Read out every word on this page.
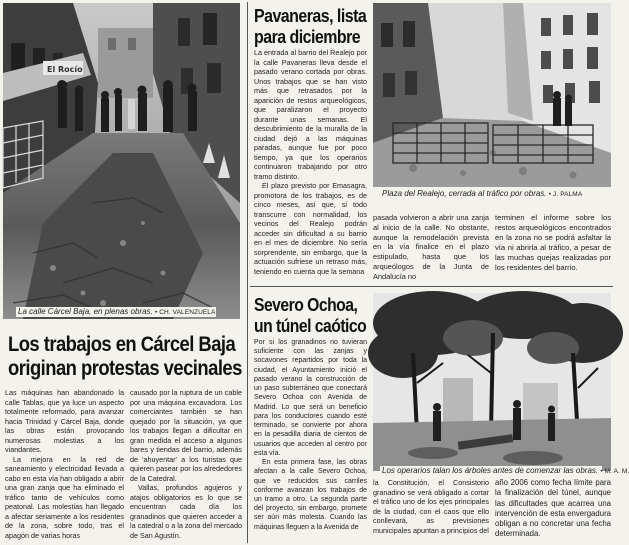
El Rocío
La calle Cárcel Baja, en plenas obras. • CH. VALENZUELA
Los trabajos en Cárcel Baja
originan protestas vecinales

Las máquinas han abandonado la calle Tablas, que ya luce un aspecto totalmente reformado, para avanzar hacia Trinidad y Cárcel Baja, donde las obras están provocando numerosas molestias a los viandantes.

La mejora en la red de saneamiento y electricidad llevada a cabo en esta vía han obligado a abrir una gran zanja que ha eliminado el tráfico tanto de vehículos como peatonal. Las molestias han llegado a afectar seriamente a los residentes de la zona, sobre todo, tras el apagón de varias horas

causado por la ruptura de un cable por una máquina excavadora. Los comerciantes también se han quejado por la situación, ya que los trabajos llegan a dificultar en gran medida el acceso a algunos bares y tiendas del barrio, además de 'ahuyentar' a los turistas que quieren pasear por los alrededores de la Catedral.

Vallas, profundos agujeros y atajos obligatorios es lo que se encuentran cada día los granadinos que quieren acceder a la catedral o a la zona del mercado de San Agustín.

Pavaneras, lista
para diciembre

La entrada al barrio del Realejo por la calle Pavaneras lleva desde el pasado verano cortada por obras. Unos trabajos que se han visto más que retrasados por la aparición de restos arqueológicos, que paralizaron el proyecto durante unas semanas. El descubrimiento de la muralla de la ciudad dejó a las máquinas paradas, aunque fue por poco tiempo, ya que los operarios continuaron trabajando por otro tramo distinto.

El plazo previsto por Emasagra, promotora de los trabajos, es de cinco meses, así que, si todo transcurre con normalidad, los vecinos del Realejo podrán acceder sin dificultad a su barrio en el mes de diciembre. No sería sorprendente, sin embargo, que la actuación sufriese un retraso más, teniendo en cuenta que la semana

Plaza del Realejo, cerrada al tráfico por obras. • J. PALMA

pasada volvieron a abrir una zanja al inicio de la calle. No obstante, aunque la remodelación prevista en la vía finalice en el plazo estipulado, hasta que los arqueólogos de la Junta de Andalucía no

terminen el informe sobre los restos arqueológicos encontrados en la zona no se podrá asfaltar la vía ni abrirla al tráfico, a pesar de las muchas quejas realizadas por los residentes del barrio.

Severo Ochoa,
un túnel caótico

Por si los granadinos no tuvieran suficiente con las zanjas y socavones repartidos por toda la ciudad, el Ayuntamiento inició el pasado verano la construcción de un paso subterráneo que conectará Severo Ochoa con Avenida de Madrid. Lo que será un beneficio para los conductores cuando esté terminado, se convierte por ahora en la pesadilla diaria de cientos de usuarios que acceden al centro por esta vía.

En esta primera fase, las obras afectan a la calle Severo Ochoa, que ve reducidos sus carriles conforme avanzan los trabajos de un tramo a otro. La segunda parte del proyecto, sin embargo, promete ser aún más molesta. Cuando las máquinas lleguen a la Avenida de

Los operarios talan los árboles antes de comenzar las obras. • M. A. M.

la Constitución, el Consistorio granadino se verá obligado a cortar el tráfico uno de los ejes principales de la ciudad, con el caos que ello conllevará, as previsiones municipales apuntan a principios del

año 2006 como fecha límite para la finalización del túnel, aunque las dificultades que acarrea una intervención de esta envergadura obligan a no concretar una fecha determinada.
